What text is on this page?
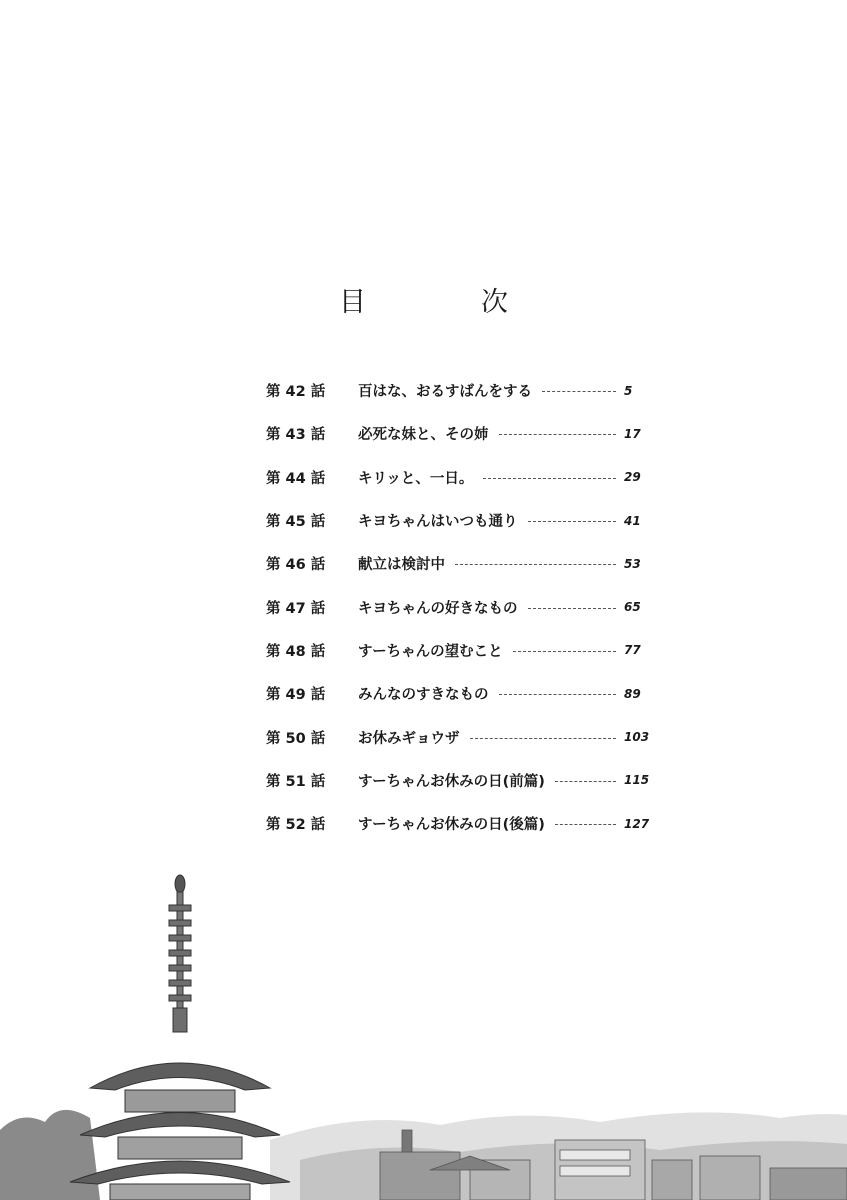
目　次
第 42 話	百はな、おるすばんをする	5
第 43 話	必死な妹と、その姉	17
第 44 話	キリッと、一日。	29
第 45 話	キヨちゃんはいつも通り	41
第 46 話	献立は検討中	53
第 47 話	キヨちゃんの好きなもの	65
第 48 話	すーちゃんの望むこと	77
第 49 話	みんなのすきなもの	89
第 50 話	お休みギョウザ	103
第 51 話	すーちゃんお休みの日(前篇)	115
第 52 話	すーちゃんお休みの日(後篇)	127
